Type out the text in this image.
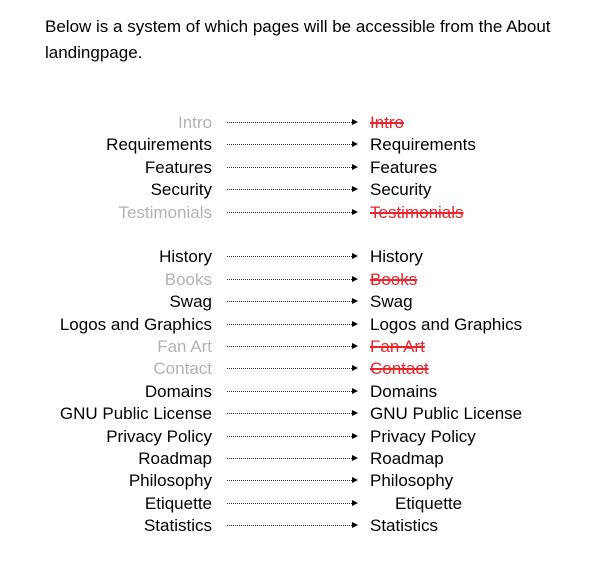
Below is a system of which pages will be accessible from the About landingpage.

Intro	Intro
Requirements	Requirements
Features	Features
Security	Security
Testimonials	Testimonials
History	History
Books	Books
Swag	Swag
Logos and Graphics	Logos and Graphics
Fan Art	Fan Art
Contact	Contact
Domains	Domains
GNU Public License	GNU Public License
Privacy Policy	Privacy Policy
Roadmap	Roadmap
Philosophy	Philosophy
Etiquette	Etiquette
Statistics	Statistics
